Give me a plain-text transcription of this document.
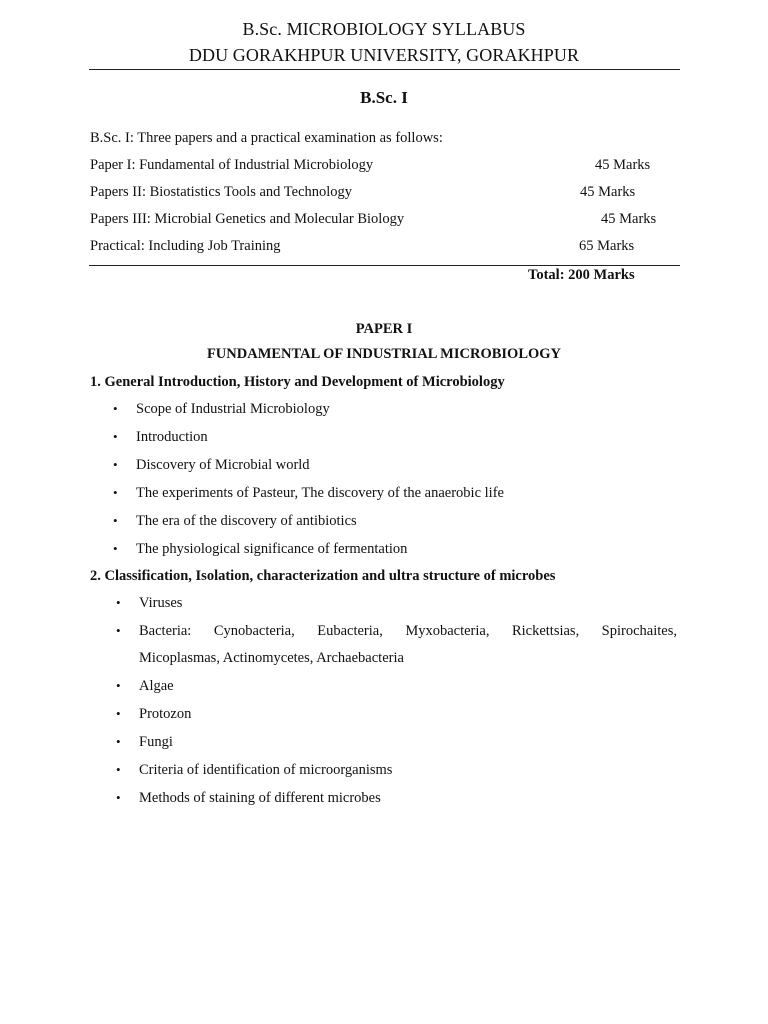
B.Sc. MICROBIOLOGY SYLLABUS
DDU GORAKHPUR UNIVERSITY, GORAKHPUR
B.Sc. I
B.Sc. I: Three papers and a practical examination as follows:
Paper I: Fundamental of Industrial Microbiology	45 Marks
Papers II: Biostatistics Tools and Technology	45 Marks
Papers III: Microbial Genetics and Molecular Biology	45 Marks
Practical: Including Job Training	65 Marks
Total: 200 Marks
PAPER I
FUNDAMENTAL OF INDUSTRIAL MICROBIOLOGY
1. General Introduction, History and Development of Microbiology
• Scope of Industrial Microbiology
• Introduction
• Discovery of Microbial world
• The experiments of Pasteur, The discovery of the anaerobic life
• The era of the discovery of antibiotics
• The physiological significance of fermentation
2. Classification, Isolation, characterization and ultra structure of microbes
• Viruses
• Bacteria: Cynobacteria, Eubacteria, Myxobacteria, Rickettsias, Spirochaites,
Micoplasmas, Actinomycetes, Archaebacteria
• Algae
• Protozon
• Fungi
• Criteria of identification of microorganisms
• Methods of staining of different microbes
